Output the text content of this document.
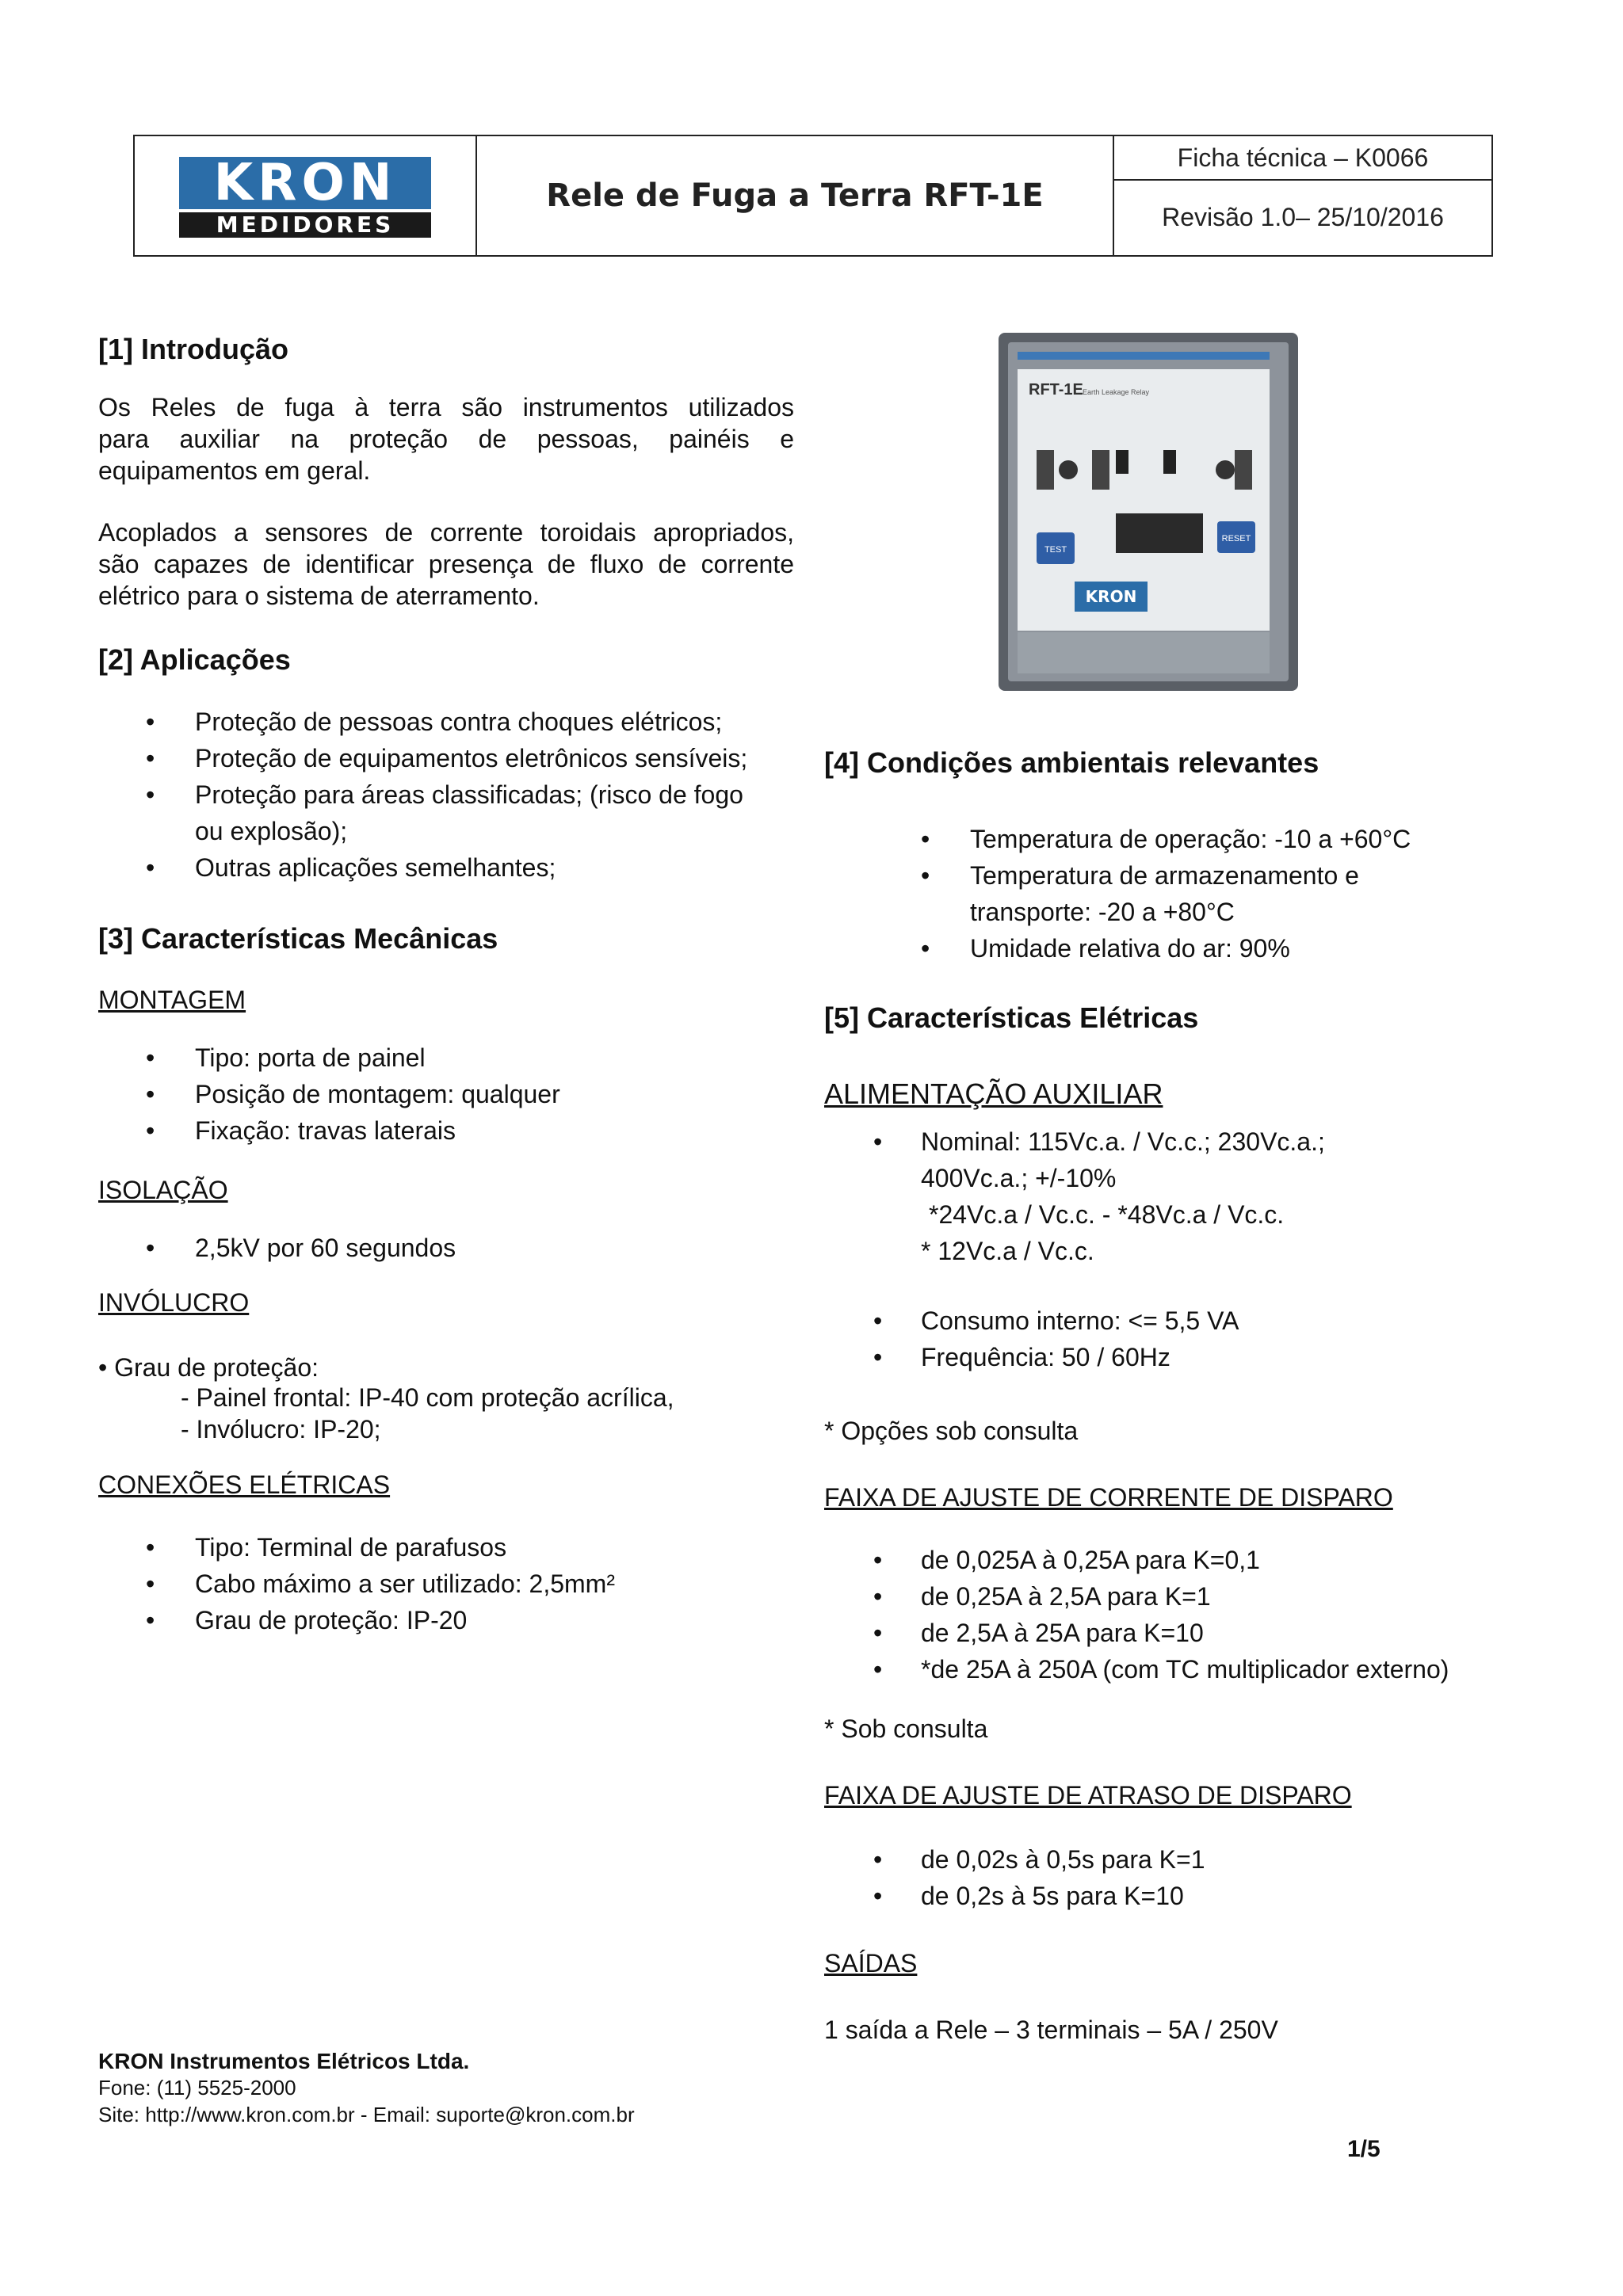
KRON
MEDIDORES
Rele de Fuga a Terra RFT-1E
Ficha técnica – K0066
Revisão 1.0– 25/10/2016
[1] Introdução
Os Reles de fuga à terra são instrumentos utilizados
para auxiliar na proteção de pessoas, painéis e
equipamentos em geral.
Acoplados a sensores de corrente toroidais apropriados,
são capazes de identificar presença de fluxo de corrente
elétrico para o sistema de aterramento.
[2] Aplicações
• Proteção de pessoas contra choques elétricos;
• Proteção de equipamentos eletrônicos sensíveis;
• Proteção para áreas classificadas; (risco de fogo
ou explosão);
• Outras aplicações semelhantes;
[3] Características Mecânicas

MONTAGEM

• Tipo: porta de painel
• Posição de montagem: qualquer
• Fixação: travas laterais

ISOLAÇÃO

• 2,5kV por 60 segundos

INVÓLUCRO

• Grau de proteção:

- Painel frontal: IP-40 com proteção acrílica,

- Invólucro: IP-20;

CONEXÕES ELÉTRICAS

• Tipo: Terminal de parafusos
• Cabo máximo a ser utilizado: 2,5mm²
• Grau de proteção: IP-20
RFT-1E Earth Leakage Relay
TEST
RESET
KRON
[4] Condições ambientais relevantes
• Temperatura de operação: -10 a +60°C
• Temperatura de armazenamento e
transporte: -20 a +80°C
• Umidade relativa do ar: 90%
[5] Características Elétricas

ALIMENTAÇÃO AUXILIAR

• Nominal: 115Vc.a. / Vc.c.; 230Vc.a.;
400Vc.a.; +/-10%
*24Vc.a / Vc.c. - *48Vc.a / Vc.c.
* 12Vc.a / Vc.c.
• Consumo interno: <= 5,5 VA
• Frequência: 50 / 60Hz

* Opções sob consulta

FAIXA DE AJUSTE DE CORRENTE DE DISPARO

• de 0,025A à 0,25A para K=0,1
• de 0,25A à 2,5A para K=1
• de 2,5A à 25A para K=10
• *de 25A à 250A (com TC multiplicador externo)

* Sob consulta

FAIXA DE AJUSTE DE ATRASO DE DISPARO

• de 0,02s à 0,5s para K=1
• de 0,2s à 5s para K=10

SAÍDAS

1 saída a Rele – 3 terminais – 5A / 250V

KRON Instrumentos Elétricos Ltda.

Fone: (11) 5525-2000

Site: http://www.kron.com.br - Email: suporte@kron.com.br

1/5
